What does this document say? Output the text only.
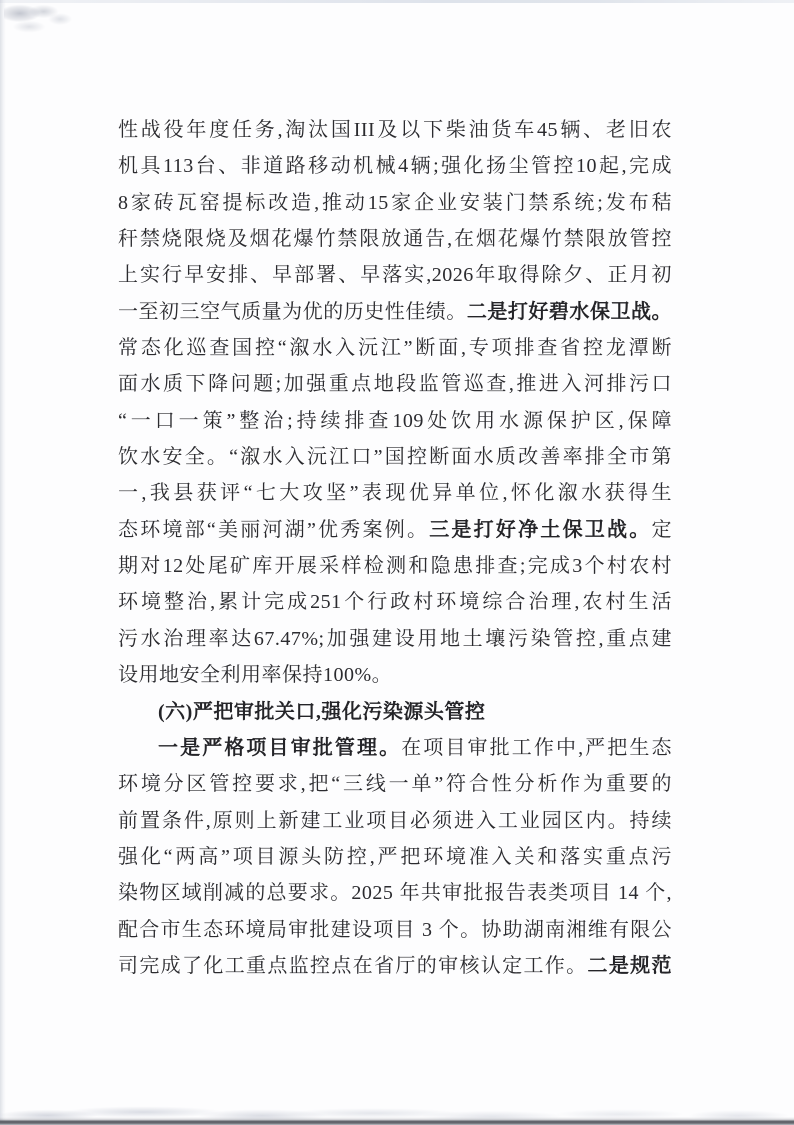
性战役年度任务,淘汰国III及以下柴油货车45辆、老旧农
机具113台、非道路移动机械4辆;强化扬尘管控10起,完成
8家砖瓦窑提标改造,推动15家企业安装门禁系统;发布秸
秆禁烧限烧及烟花爆竹禁限放通告,在烟花爆竹禁限放管控
上实行早安排、早部署、早落实,2026年取得除夕、正月初
一至初三空气质量为优的历史性佳绩。二是打好碧水保卫战。
常态化巡查国控“溆水入沅江”断面,专项排查省控龙潭断
面水质下降问题;加强重点地段监管巡查,推进入河排污口
“一口一策”整治;持续排查109处饮用水源保护区,保障
饮水安全。“溆水入沅江口”国控断面水质改善率排全市第
一,我县获评“七大攻坚”表现优异单位,怀化溆水获得生
态环境部“美丽河湖”优秀案例。三是打好净土保卫战。定
期对12处尾矿库开展采样检测和隐患排查;完成3个村农村
环境整治,累计完成251个行政村环境综合治理,农村生活
污水治理率达67.47%;加强建设用地土壤污染管控,重点建
设用地安全利用率保持100%。
(六)严把审批关口,强化污染源头管控
一是严格项目审批管理。在项目审批工作中,严把生态
环境分区管控要求,把“三线一单”符合性分析作为重要的
前置条件,原则上新建工业项目必须进入工业园区内。持续
强化“两高”项目源头防控,严把环境准入关和落实重点污
染物区域削减的总要求。2025 年共审批报告表类项目 14 个,
配合市生态环境局审批建设项目 3 个。协助湖南湘维有限公
司完成了化工重点监控点在省厅的审核认定工作。二是规范
